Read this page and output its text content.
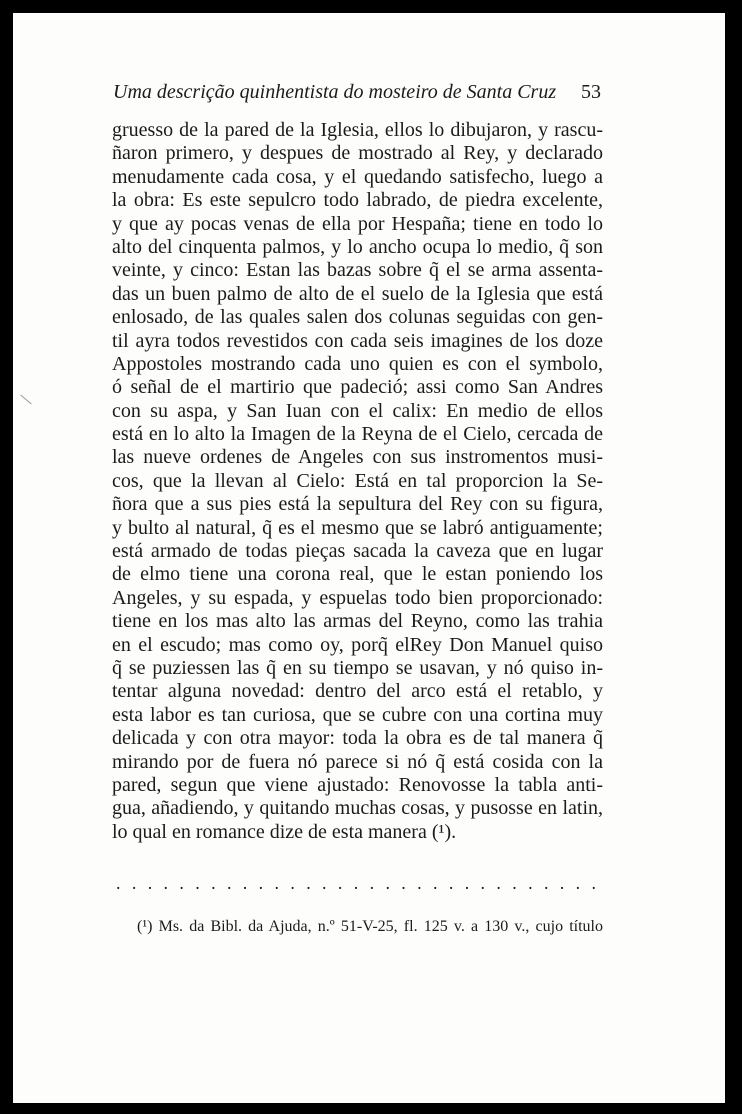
Uma descrição quinhentista do mosteiro de Santa Cruz 53
gruesso de la pared de la Iglesia, ellos lo dibujaron, y rascu-
ñaron primero, y despues de mostrado al Rey, y declarado
menudamente cada cosa, y el quedando satisfecho, luego a
la obra: Es este sepulcro todo labrado, de piedra excelente,
y que ay pocas venas de ella por Hespaña; tiene en todo lo
alto del cinquenta palmos, y lo ancho ocupa lo medio, q̃ son
veinte, y cinco: Estan las bazas sobre q̃ el se arma assenta-
das un buen palmo de alto de el suelo de la Iglesia que está
enlosado, de las quales salen dos colunas seguidas con gen-
til ayra todos revestidos con cada seis imagines de los doze
Appostoles mostrando cada uno quien es con el symbolo,
ó señal de el martirio que padeció; assi como San Andres
con su aspa, y San Iuan con el calix: En medio de ellos
está en lo alto la Imagen de la Reyna de el Cielo, cercada de
las nueve ordenes de Angeles con sus instromentos musi-
cos, que la llevan al Cielo: Está en tal proporcion la Se-
ñora que a sus pies está la sepultura del Rey con su figura,
y bulto al natural, q̃ es el mesmo que se labró antiguamente;
está armado de todas pieças sacada la caveza que en lugar
de elmo tiene una corona real, que le estan poniendo los
Angeles, y su espada, y espuelas todo bien proporcionado:
tiene en los mas alto las armas del Reyno, como las trahia
en el escudo; mas como oy, porq̃ elRey Don Manuel quiso
q̃ se puziessen las q̃ en su tiempo se usavan, y nó quiso in-
tentar alguna novedad: dentro del arco está el retablo, y
esta labor es tan curiosa, que se cubre con una cortina muy
delicada y con otra mayor: toda la obra es de tal manera q̃
mirando por de fuera nó parece si nó q̃ está cosida con la
pared, segun que viene ajustado: Renovosse la tabla anti-
gua, añadiendo, y quitando muchas cosas, y pusosse en latin,
lo qual en romance dize de esta manera (¹).
. . . . . . . . . . . . . . . . . . . . . . . . . . . . . . .
(¹) Ms. da Bibl. da Ajuda, n.º 51-V-25, fl. 125 v. a 130 v., cujo título
